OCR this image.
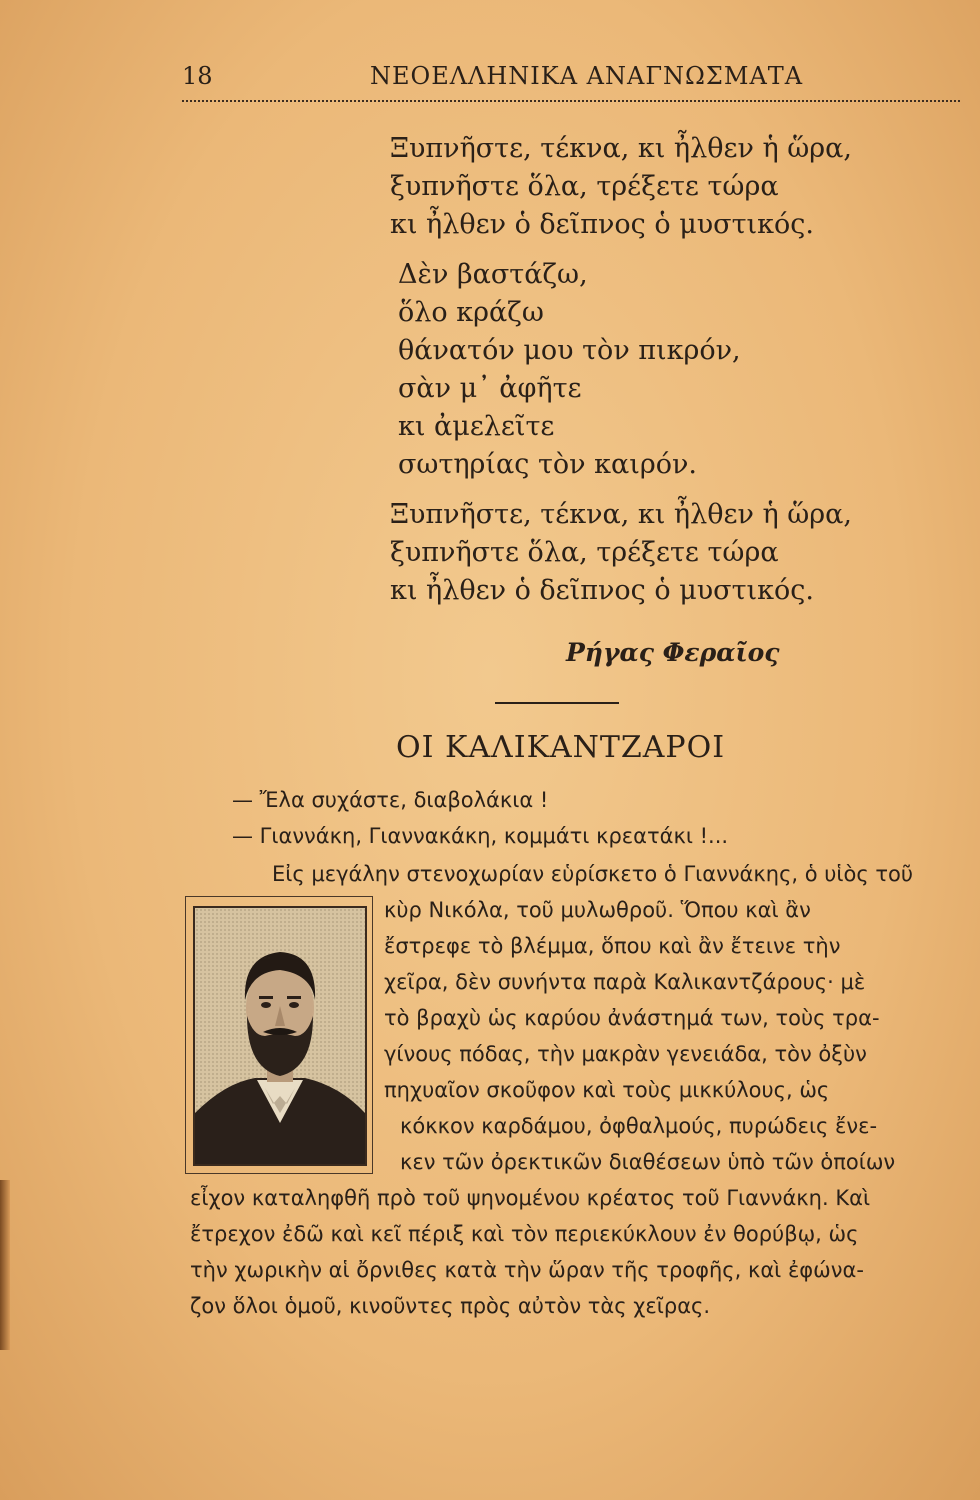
18	ΝΕΟΕΛΛΗΝΙΚΑ ΑΝΑΓΝΩΣΜΑΤΑ
Ξυπνῆστε, τέκνα, κι ἦλθεν ἡ ὥρα,
ξυπνῆστε ὅλα, τρέξετε τώρα
κι ἦλθεν ὁ δεῖπνος ὁ μυστικός.
Δὲν βαστάζω,
ὅλο κράζω
θάνατόν μου τὸν πικρόν,
σὰν μ᾽ ἀφῆτε
κι ἀμελεῖτε
σωτηρίας τὸν καιρόν.
Ξυπνῆστε, τέκνα, κι ἦλθεν ἡ ὥρα,
ξυπνῆστε ὅλα, τρέξετε τώρα
κι ἦλθεν ὁ δεῖπνος ὁ μυστικός.
Ρήγας Φεραῖος
ΟΙ ΚΑΛΙΚΑΝΤΖΑΡΟΙ
— Ἔλα συχάστε, διαβολάκια !
— Γιαννάκη, Γιαννακάκη, κομμάτι κρεατάκι !...
Εἰς μεγάλην στενοχωρίαν εὑρίσκετο ὁ Γιαννάκης, ὁ υἱὸς τοῦ
κὺρ Νικόλα, τοῦ μυλωθροῦ. Ὅπου καὶ ἂν
ἔστρεφε τὸ βλέμμα, ὅπου καὶ ἂν ἔτεινε τὴν
χεῖρα, δὲν συνήντα παρὰ Καλικαντζάρους· μὲ
τὸ βραχὺ ὡς καρύου ἀνάστημά των, τοὺς τρα-
γίνους πόδας, τὴν μακρὰν γενειάδα, τὸν ὀξὺν
πηχυαῖον σκοῦφον καὶ τοὺς μικκύλους, ὡς
κόκκον καρδάμου, ὀφθαλμούς, πυρώδεις ἔνε-
κεν τῶν ὀρεκτικῶν διαθέσεων ὑπὸ τῶν ὁποίων
εἶχον καταληφθῆ πρὸ τοῦ ψηνομένου κρέατος τοῦ Γιαννάκη. Καὶ
ἔτρεχον ἐδῶ καὶ κεῖ πέριξ καὶ τὸν περιεκύκλουν ἐν θορύβῳ, ὡς
τὴν χωρικὴν αἱ ὄρνιθες κατὰ τὴν ὥραν τῆς τροφῆς, καὶ ἐφώνα-
ζον ὅλοι ὁμοῦ, κινοῦντες πρὸς αὐτὸν τὰς χεῖρας.
